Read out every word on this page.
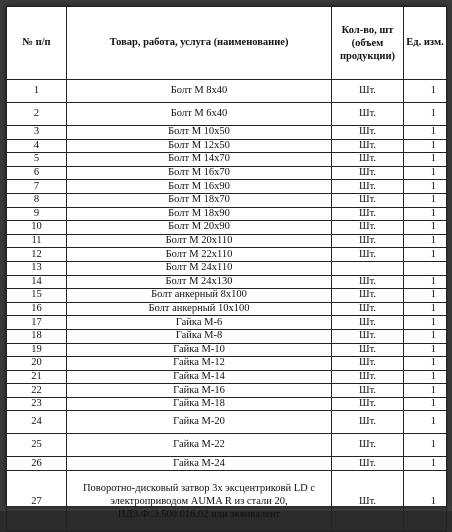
№ п/п	Товар, работа, услуга (наименование)	Кол-во, шт (объем продукции)	Ед. изм.
1	Болт М 8х40	Шт.	1
2	Болт М 6х40	Шт.	1
3	Болт М 10х50	Шт.	1
4	Болт М 12х50	Шт.	1
5	Болт М 14х70	Шт.	1
6	Болт М 16х70	Шт.	1
7	Болт М 16х90	Шт.	1
8	Болт М 18х70	Шт.	1
9	Болт М 18х90	Шт.	1
10	Болт М 20х90	Шт.	1
11	Болт М 20х110	Шт.	1
12	Болт М 22х110	Шт.	1
13	Болт М 24х110		
14	Болт М 24х130	Шт.	1
15	Болт анкерный 8х100	Шт.	1
16	Болт анкерный 10х100	Шт.	1
17	Гайка М-6	Шт.	1
18	Гайка М-8	Шт.	1
19	Гайка М-10	Шт.	1
20	Гайка М-12	Шт.	1
21	Гайка М-14	Шт.	1
22	Гайка М-16	Шт.	1
23	Гайка М-18	Шт.	1
24	Гайка М-20	Шт.	1
25	Гайка М-22	Шт.	1
26	Гайка М-24	Шт.	1
27	Поворотно-дисковый затвор 3х эксцентриковй LD с электроприводом AUMA R из стали 20, ПДЗ.Ф.Э.500.016.02 или эквивалент	Шт.	1
